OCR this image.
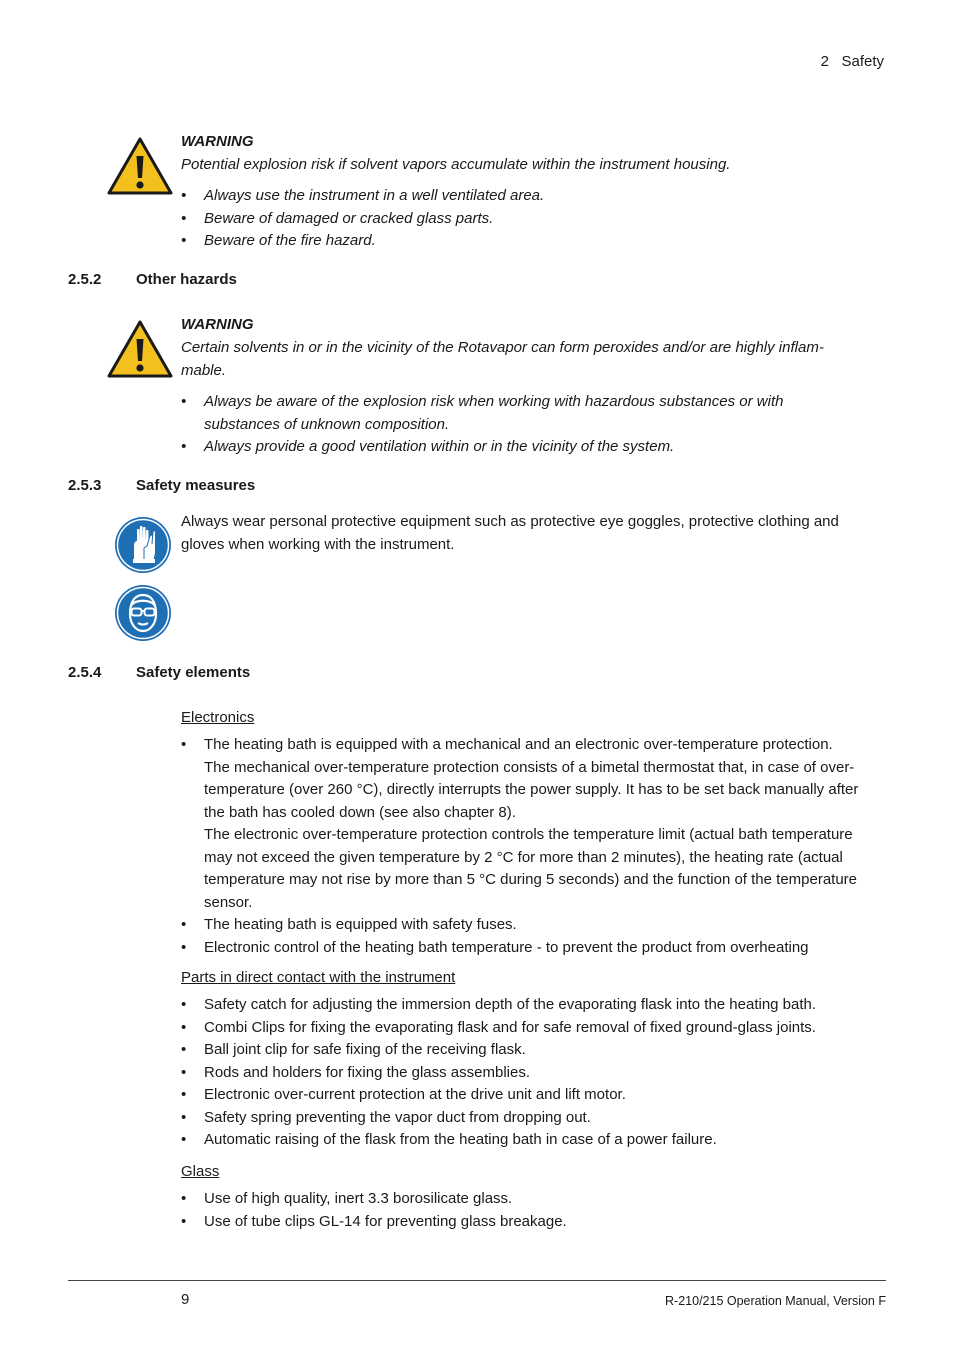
2 Safety
WARNING
Potential explosion risk if solvent vapors accumulate within the instrument housing.
• Always use the instrument in a well ventilated area.
• Beware of damaged or cracked glass parts.
• Beware of the fire hazard.
2.5.2 Other hazards
WARNING
Certain solvents in or in the vicinity of the Rotavapor can form peroxides and/or are highly inflam-
mable.
• Always be aware of the explosion risk when working with hazardous substances or with
substances of unknown composition.
• Always provide a good ventilation within or in the vicinity of the system.
2.5.3 Safety measures
Always wear personal protective equipment such as protective eye goggles, protective clothing and
gloves when working with the instrument.
2.5.4 Safety elements
Electronics
• The heating bath is equipped with a mechanical and an electronic over-temperature protection.
The mechanical over-temperature protection consists of a bimetal thermostat that, in case of over-
temperature (over 260 °C), directly interrupts the power supply. It has to be set back manually after
the bath has cooled down (see also chapter 8).
The electronic over-temperature protection controls the temperature limit (actual bath temperature
may not exceed the given temperature by 2 °C for more than 2 minutes), the heating rate (actual
temperature may not rise by more than 5 °C during 5 seconds) and the function of the temperature
sensor.
• The heating bath is equipped with safety fuses.
• Electronic control of the heating bath temperature - to prevent the product from overheating
Parts in direct contact with the instrument
• Safety catch for adjusting the immersion depth of the evaporating flask into the heating bath.
• Combi Clips for fixing the evaporating flask and for safe removal of fixed ground-glass joints.
• Ball joint clip for safe fixing of the receiving flask.
• Rods and holders for fixing the glass assemblies.
• Electronic over-current protection at the drive unit and lift motor.
• Safety spring preventing the vapor duct from dropping out.
• Automatic raising of the flask from the heating bath in case of a power failure.
Glass
• Use of high quality, inert 3.3 borosilicate glass.
• Use of tube clips GL-14 for preventing glass breakage.
9	R-210/215 Operation Manual, Version F
